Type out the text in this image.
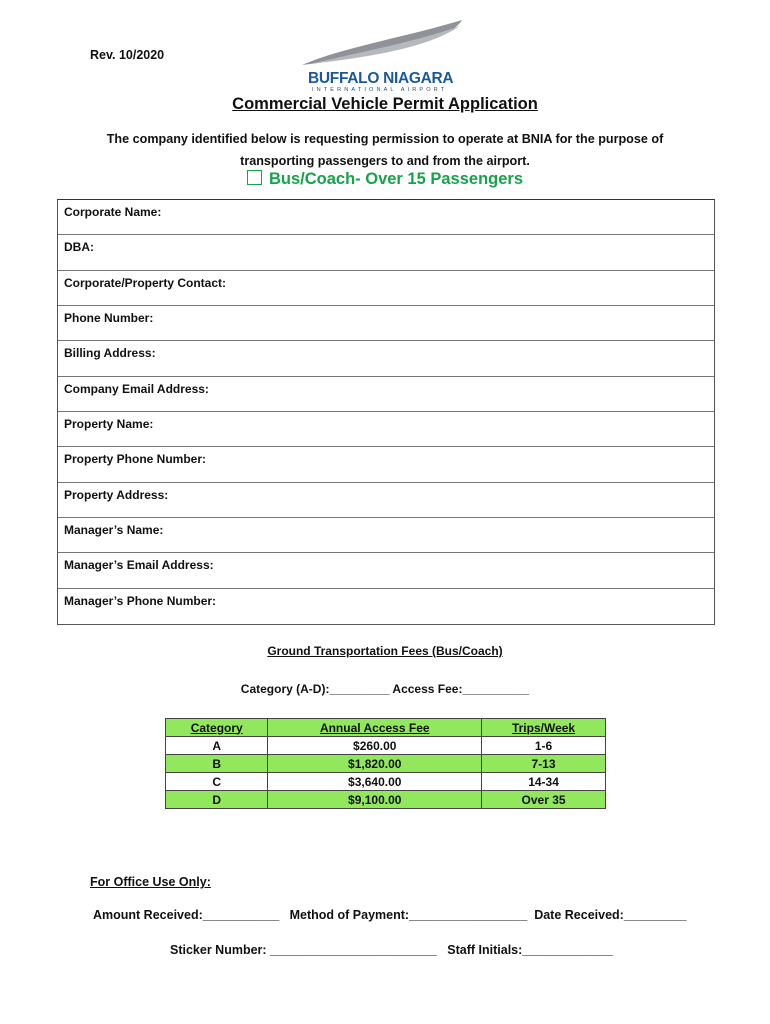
Rev. 10/2020
BUFFALO NIAGARA
INTERNATIONAL AIRPORT
Commercial Vehicle Permit Application
The company identified below is requesting permission to operate at BNIA for the purpose of
transporting passengers to and from the airport.
Bus/Coach- Over 15 Passengers
Corporate Name:
DBA:
Corporate/Property Contact:
Phone Number:
Billing Address:
Company Email Address:
Property Name:
Property Phone Number:
Property Address:
Manager’s Name:
Manager’s Email Address:
Manager’s Phone Number:
Ground Transportation Fees (Bus/Coach)
Category (A-D):_________ Access Fee:__________
Category	Annual Access Fee	Trips/Week
A	$260.00	1-6
B	$1,820.00	7-13
C	$3,640.00	14-34
D	$9,100.00	Over 35
For Office Use Only:
Amount Received:___________   Method of Payment:_________________  Date Received:_________
Sticker Number: ________________________   Staff Initials:_____________
